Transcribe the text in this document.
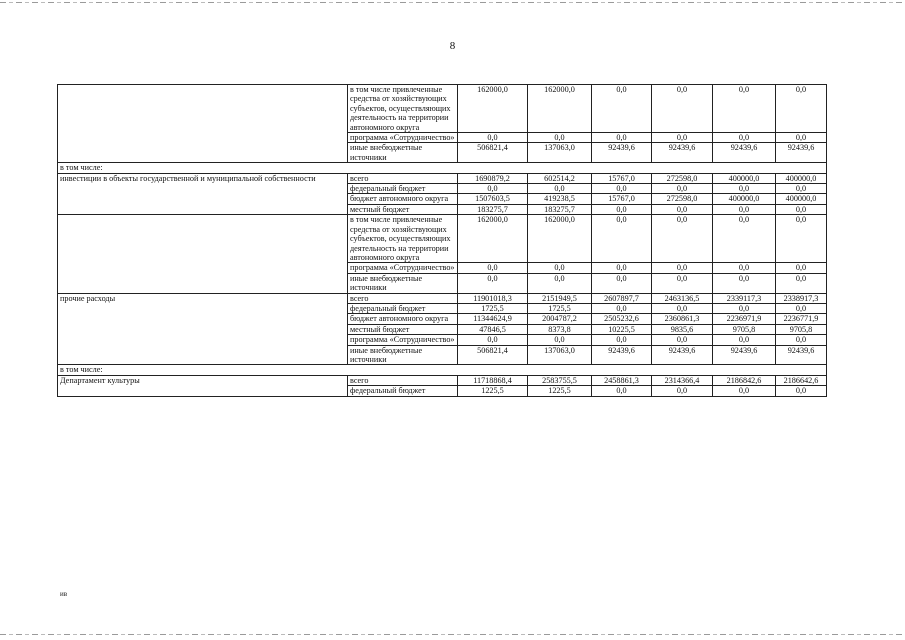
8
	в том числе привлеченные средства от хозяйствующих субъектов, осуществляющих деятельность на территории автономного округа	162000,0	162000,0	0,0	0,0	0,0	0,0
	программа «Сотрудничество»	0,0	0,0	0,0	0,0	0,0	0,0
	иные внебюджетные источники	506821,4	137063,0	92439,6	92439,6	92439,6	92439,6
в том числе:							
инвестиции в объекты государственной и муниципальной собственности	всего	1690879,2	602514,2	15767,0	272598,0	400000,0	400000,0
	федеральный бюджет	0,0	0,0	0,0	0,0	0,0	0,0
	бюджет автономного округа	1507603,5	419238,5	15767,0	272598,0	400000,0	400000,0
	местный бюджет	183275,7	183275,7	0,0	0,0	0,0	0,0
	в том числе привлеченные средства от хозяйствующих субъектов, осуществляющих деятельность на территории автономного округа	162000,0	162000,0	0,0	0,0	0,0	0,0
	программа «Сотрудничество»	0,0	0,0	0,0	0,0	0,0	0,0
	иные внебюджетные источники	0,0	0,0	0,0	0,0	0,0	0,0
прочие расходы	всего	11901018,3	2151949,5	2607897,7	2463136,5	2339117,3	2338917,3
	федеральный бюджет	1725,5	1725,5	0,0	0,0	0,0	0,0
	бюджет автономного округа	11344624,9	2004787,2	2505232,6	2360861,3	2236971,9	2236771,9
	местный бюджет	47846,5	8373,8	10225,5	9835,6	9705,8	9705,8
	программа «Сотрудничество»	0,0	0,0	0,0	0,0	0,0	0,0
	иные внебюджетные источники	506821,4	137063,0	92439,6	92439,6	92439,6	92439,6
в том числе:							
Департамент культуры	всего	11718868,4	2583755,5	2458861,3	2314366,4	2186842,6	2186642,6
	федеральный бюджет	1225,5	1225,5	0,0	0,0	0,0	0,0
ив
